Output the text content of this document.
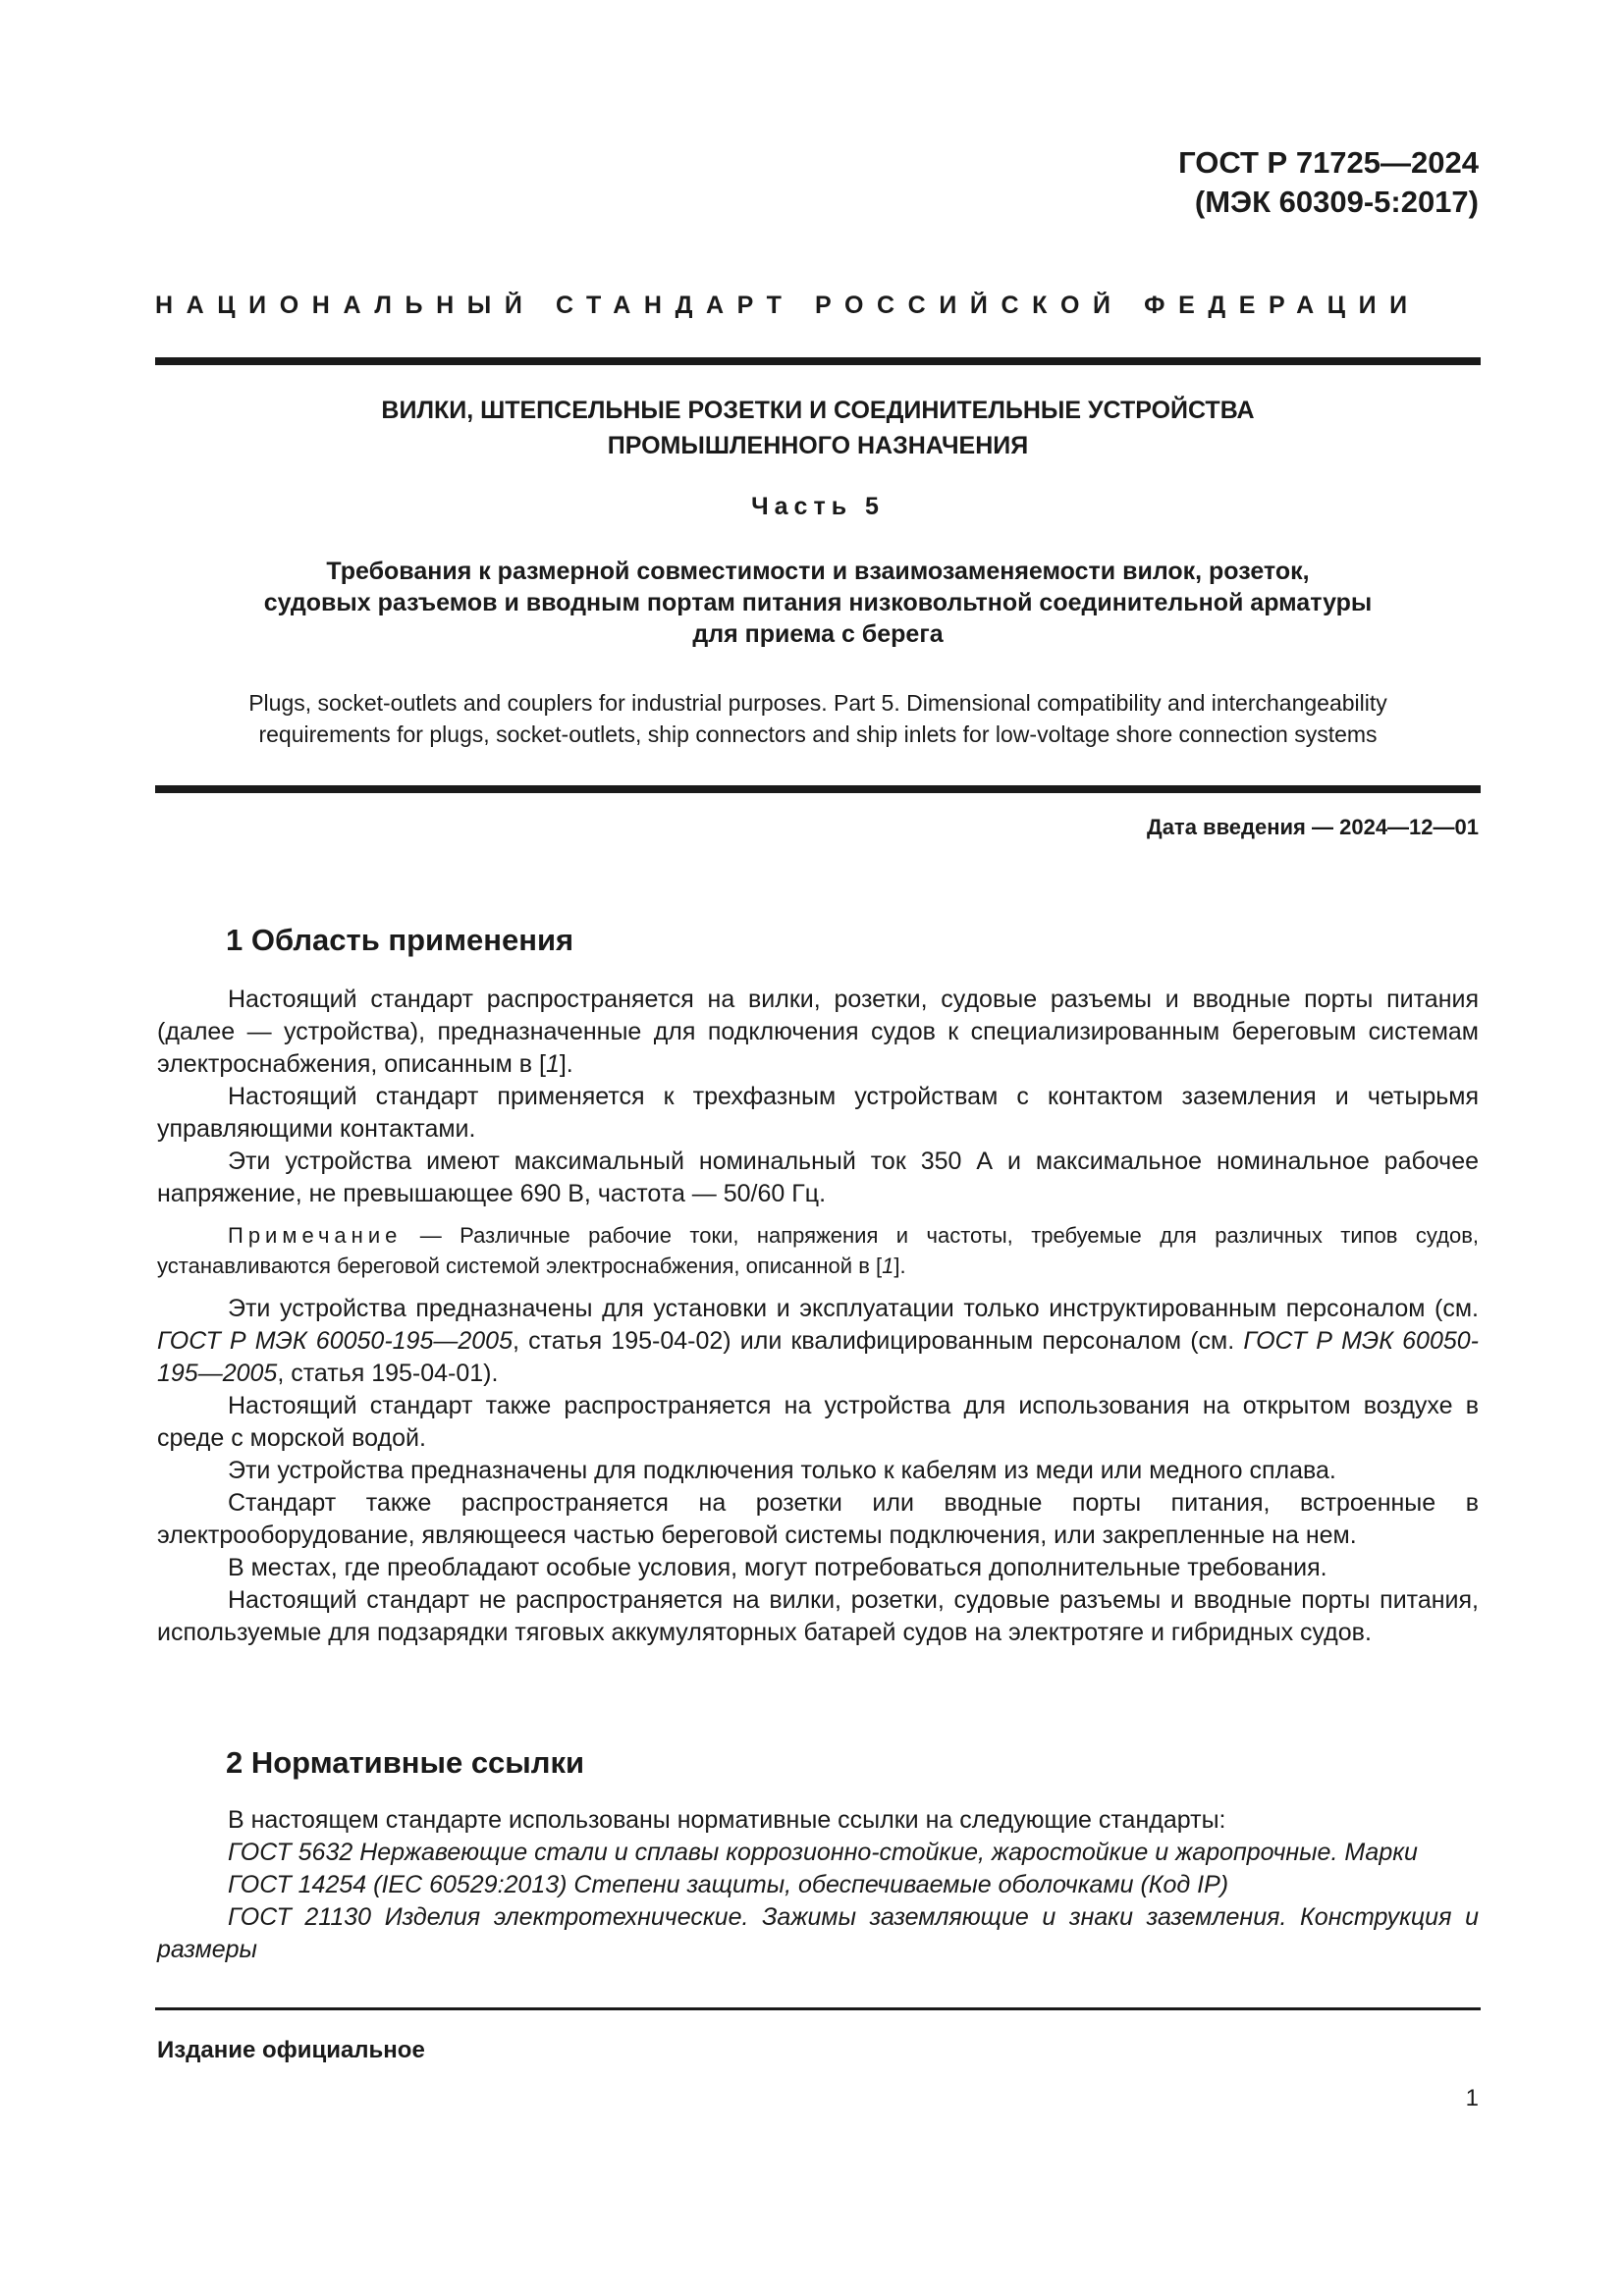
ГОСТ Р 71725—2024
(МЭК 60309-5:2017)
НАЦИОНАЛЬНЫЙ СТАНДАРТ РОССИЙСКОЙ ФЕДЕРАЦИИ
ВИЛКИ, ШТЕПСЕЛЬНЫЕ РОЗЕТКИ И СОЕДИНИТЕЛЬНЫЕ УСТРОЙСТВА
ПРОМЫШЛЕННОГО НАЗНАЧЕНИЯ
Часть 5
Требования к размерной совместимости и взаимозаменяемости вилок, розеток,
судовых разъемов и вводным портам питания низковольтной соединительной арматуры
для приема с берега
Plugs, socket-outlets and couplers for industrial purposes. Part 5. Dimensional compatibility and interchangeability
requirements for plugs, socket-outlets, ship connectors and ship inlets for low-voltage shore connection systems
Дата введения — 2024—12—01
1 Область применения

Настоящий стандарт распространяется на вилки, розетки, судовые разъемы и вводные порты питания (далее — устройства), предназначенные для подключения судов к специализированным береговым системам электроснабжения, описанным в [1].

Настоящий стандарт применяется к трехфазным устройствам с контактом заземления и четырьмя управляющими контактами.

Эти устройства имеют максимальный номинальный ток 350 А и максимальное номинальное рабочее напряжение, не превышающее 690 В, частота — 50/60 Гц.

Примечание — Различные рабочие токи, напряжения и частоты, требуемые для различных типов судов, устанавливаются береговой системой электроснабжения, описанной в [1].

Эти устройства предназначены для установки и эксплуатации только инструктированным персоналом (см. ГОСТ Р МЭК 60050-195—2005, статья 195-04-02) или квалифицированным персоналом (см. ГОСТ Р МЭК 60050-195—2005, статья 195-04-01).

Настоящий стандарт также распространяется на устройства для использования на открытом воздухе в среде с морской водой.

Эти устройства предназначены для подключения только к кабелям из меди или медного сплава.

Стандарт также распространяется на розетки или вводные порты питания, встроенные в электрооборудование, являющееся частью береговой системы подключения, или закрепленные на нем.

В местах, где преобладают особые условия, могут потребоваться дополнительные требования.

Настоящий стандарт не распространяется на вилки, розетки, судовые разъемы и вводные порты питания, используемые для подзарядки тяговых аккумуляторных батарей судов на электротяге и гибридных судов.

2 Нормативные ссылки

В настоящем стандарте использованы нормативные ссылки на следующие стандарты:

ГОСТ 5632 Нержавеющие стали и сплавы коррозионно-стойкие, жаростойкие и жаропрочные. Марки

ГОСТ 14254 (IEC 60529:2013) Степени защиты, обеспечиваемые оболочками (Код IP)

ГОСТ 21130 Изделия электротехнические. Зажимы заземляющие и знаки заземления. Конструкция и размеры

Издание официальное
1
